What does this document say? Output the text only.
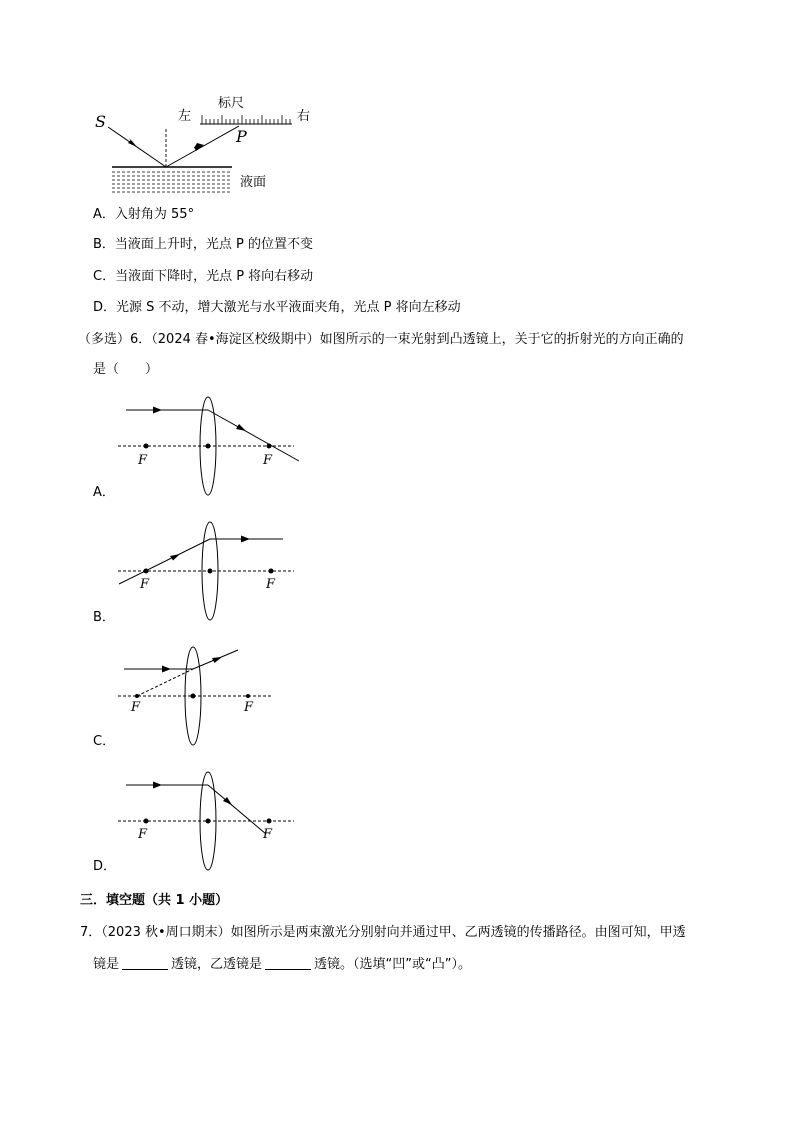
S	左
标尺
右
P
液面
A．入射角为 55°
B．当液面上升时，光点 P 的位置不变
C．当液面下降时，光点 P 将向右移动
D．光源 S 不动，增大激光与水平液面夹角，光点 P 将向左移动
（多选）6．（2024 春•海淀区校级期中）如图所示的一束光射到凸透镜上，关于它的折射光的方向正确的
是（　　）
F	F
A．
F	F
B．
F	F
C．
F	F
D．
三．填空题（共 1 小题）
7．（2023 秋•周口期末）如图所示是两束激光分别射向并通过甲、乙两透镜的传播路径。由图可知，甲透
镜是	透镜，乙透镜是	透镜。（选填“凹”或“凸”）。
